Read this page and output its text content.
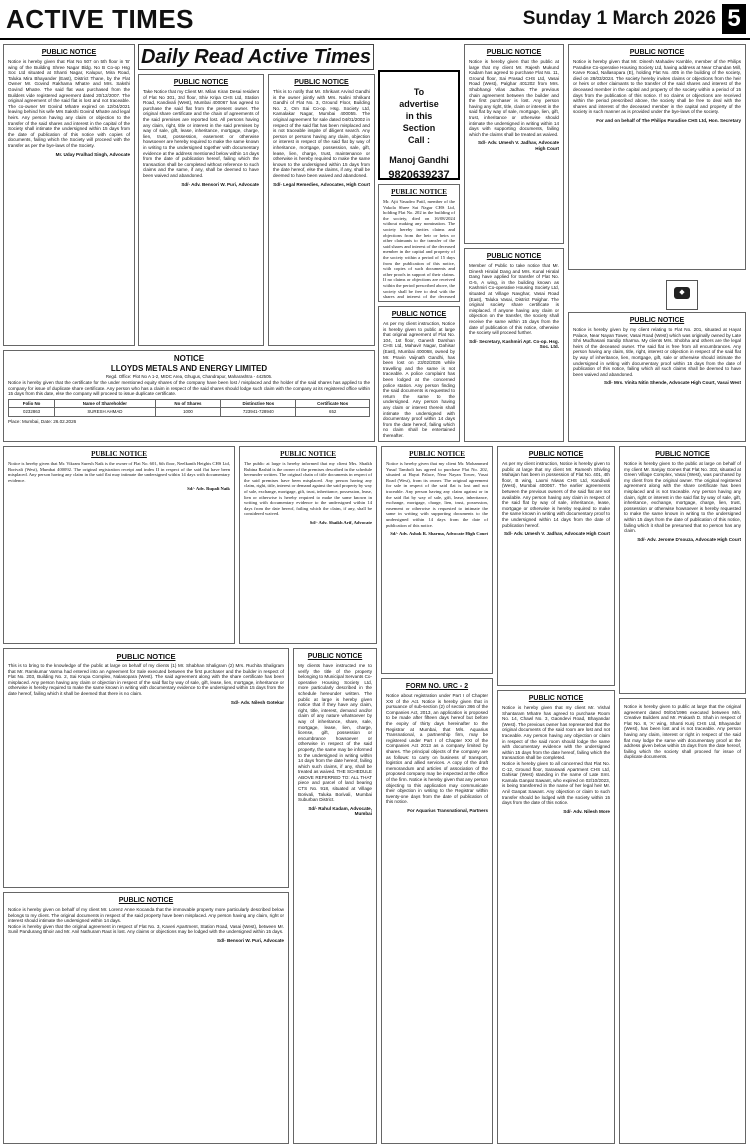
ACTIVE TIMES	Sunday 1 March 2026 5
Daily Read Active Times
PUBLIC NOTICE
Notice is hereby given that Flat No 507 on 5th floor in 'B' wing of the Building Shree Nagar Bldg. No B Co-op Hsg Soc Ltd situated at Shanti Nagar, Kalupur, Mira Road, Taluka Mira Bhayander (East), District Thane, by the Flat Owner Mr. Govind Rakhama Mhatre and Mrs. Sakshi Govind Mhatre. The said flat was purchased from the Builders vide registered agreement dated 20/12/2007. The original agreement of the said flat is lost and not traceable. The co-owner Mr Govind Mhatre expired on 12/04/2021 leaving behind his wife Mrs Sakshi Govind Mhatre and legal heirs. Any person having any claim or objection to the transfer of the said shares and interest in the capital of the Society shall intimate the undersigned within 15 days from the date of publication of this notice with copies of documents, failing which the Society will proceed with the transfer as per the bye-laws of the Society.
Mr. Uday Pralhad Singh, Advocate
NOTICE
LLOYDS METALS AND ENERGY LIMITED
Regd. Office: Plot No A 1-2, MIDC Area, Ghugus, Chandrapur, Maharashtra - 442505.
Notice is hereby given that the certificate for the under mentioned equity shares of the company have been lost / misplaced and the holder of the said shares has applied to the company for issue of duplicate share certificate. Any person who has a claim in respect of the said shares should lodge such claim with the company at its registered office within 15 days from this date, else the company will proceed to issue duplicate certificate.
Folio No	Name of Shareholder	No of Shares	Distinctive Nos	Certificate Nos
0232863	SURESH AHMAD	1000	723941-728940	652
Place: Mumbai, Date: 26.02.2026
PUBLIC NOTICE
Notice is hereby given that Mr. Vikram Suresh Naik is the owner of Flat No. 601, 6th floor, Neelkanth Heights CHS Ltd, Borivali (West), Mumbai 400092. The original registration receipt and index II in respect of the said flat have been misplaced. Any person having any claim in the said flat may intimate the undersigned within 14 days with documentary evidence.
Sd/- Adv. Rupali Naik
PUBLIC NOTICE
This is to bring to the knowledge of the public at large on behalf of my clients (1) Mr. Shabhan Shaligram (2) Mrs. Ruchita Shaligram that Mr. Ramkumar Varma had entered into an Agreement for Sale executed between the first purchaser and the builder in respect of Flat No. 203, Building No. 2, Sai Krupa Complex, Nalasopara (West). The said agreement along with the share certificate has been misplaced. Any person having any claim or objection in respect of the said flat by way of sale, gift, lease, lien, mortgage, inheritance or otherwise is hereby required to make the same known in writing with documentary evidence to the undersigned within 15 days from the date hereof, failing which it shall be deemed that there is no claim.
Sd/- Adv. Nilesh Gotekar
PUBLIC NOTICE
Notice is hereby given on behalf of my client Mr. Lorenz Anne Kocanda that the immovable property more particularly described below belongs to my client. The original documents in respect of the said property have been misplaced. Any person having any claim, right or interest should intimate the undersigned within 14 days.
Notice is hereby given that the original agreement in respect of Flat No. 3, Kaveri Apartment, Station Road, Vasai (West), between Mr. Sunil Pandurang Bhoir and Mr. Anil Nathuram Raut is lost. Any claims or objections may be lodged with the undersigned within 15 days.
Sd/- Bensori W. Puri, Advocate
PUBLIC NOTICE
Take Notice that my Client Mr. Milan Kiran Desai resident of Flat No 301, 3rd floor, Shiv Kripa CHS Ltd, Station Road, Kandivali (West), Mumbai 400067 has agreed to purchase the said flat from the present owner. The original share certificate and the chain of agreements of the said premises are reported lost. All persons having any claim, right, title or interest in the said premises by way of sale, gift, lease, inheritance, mortgage, charge, lien, trust, possession, easement or otherwise howsoever are hereby required to make the same known in writing to the undersigned together with documentary evidence at the address mentioned below within 14 days from the date of publication hereof, failing which the transaction shall be completed without reference to such claims and the same, if any, shall be deemed to have been waived and abandoned.
Sd/- Adv. Bensori W. Puri, Advocate
PUBLIC NOTICE
The public at large is hereby informed that my client Mrs. Shaikh Rubina Rashid is the owner of the premises described in the schedule hereunder written. The original chain of title documents in respect of the said premises have been misplaced. Any person having any claim, right, title, interest or demand against the said property by way of sale, exchange, mortgage, gift, trust, inheritance, possession, lease, lien or otherwise is hereby required to make the same known in writing with documentary evidence to the undersigned within 14 days from the date hereof, failing which the claim, if any, shall be considered waived.
Sd/- Adv. Shaikh Arif, Advocate
PUBLIC NOTICE
This is to notify that Mr. Shrikant Arvind Gandhi is the owner jointly with Mrs. Nalini Shrikant Gandhi of Flat No. 3, Ground Floor, Building No. 2, Om Sai Co-op. Hsg. Society Ltd, Kamalakar Nagar, Mumbai 400055. The original agreement for sale dated 04/01/2002 in respect of the said flat has been misplaced and is not traceable inspite of diligent search. Any person or persons having any claim, objection or interest in respect of the said flat by way of inheritance, mortgage, possession, sale, gift, lease, lien, charge, trust, maintenance or otherwise is hereby required to make the same known to the undersigned within 15 days from the date hereof, else the claims, if any, shall be deemed to have been waived and abandoned.
Sd/- Legal Remedies, Advocates, High Court
PUBLIC NOTICE
My clients have instructed me to verify the title of the property belonging to Municipal Servants Co-operative Housing Society Ltd, more particularly described in the schedule hereunder written. The public at large is hereby given notice that if they have any claim, right, title, interest, demand and/or claim of any nature whatsoever by way of inheritance, share, sale, mortgage, lease, lien, charge, license, gift, possession or encumbrance howsoever or otherwise in respect of the said property, the same may be informed to the undersigned in writing within 14 days from the date hereof, failing which such claims, if any, shall be treated as waived. THE SCHEDULE ABOVE REFERRED TO: ALL THAT piece and parcel of land bearing CTS No. 918, situated at Village Borivali, Taluka Borivali, Mumbai Suburban District.
Sd/- Rahul Kadam, Advocate, Mumbai
To
advertise
in this
Section
Call :
Manoj Gandhi
9820639237
PUBLIC NOTICE
Mr. Ajit Vasudeo Patil, member of the Vakola Shree Sai Nagar CHS Ltd, holding Flat No. 202 in the building of the society, died on 16/08/2024 without making any nomination. The society hereby invites claims and objections from the heir or heirs or other claimants to the transfer of the said shares and interest of the deceased member in the capital and property of the society within a period of 15 days from the publication of this notice, with copies of such documents and other proofs in support of their claims. If no claims or objections are received within the period prescribed above, the society shall be free to deal with the shares and interest of the deceased
PUBLIC NOTICE
As per my client instruction, Notice is hereby given to public at large that original agreement of Flat No. 104, 1st floor, Ganesh Darshan CHS Ltd, Mahavir Nagar, Dahisar (East), Mumbai 400068, owned by Mr. Pravin Vaijnath Gandhi, has been lost on 23/02/2026 while travelling and the same is not traceable. A police complaint has been lodged at the concerned police station. Any person finding the said documents is requested to return the same to the undersigned. Any person having any claim or interest therein shall intimate the undersigned with documentary proof within 14 days from the date hereof, failing which no claim shall be entertained thereafter.
PUBLIC NOTICE
Notice is hereby given that my client Mr. Mohammed Yusuf Tamboli has agreed to purchase Flat No. 202, situated at Hayat Palace, Near Nayan Tower, Vasai Road (West), from its owner. The original agreement for sale in respect of the said flat is lost and not traceable. Any person having any claim against or in the said flat by way of sale, gift, lease, inheritance, exchange, mortgage, charge, lien, trust, possession, easement or otherwise is requested to intimate the same in writing with supporting documents to the undersigned within 14 days from the date of publication of this notice.
Sd/- Adv. Ashok R. Sharma, Advocate High Court
FORM NO. URC - 2
Notice about registration under Part I of Chapter XXI of the Act. Notice is hereby given that in pursuance of sub-section (2) of section 366 of the Companies Act, 2013, an application is proposed to be made after fifteen days hereof but before the expiry of thirty days hereinafter to the Registrar at Mumbai, that M/s. Aquarius Transnational, a partnership firm, may be registered under Part I of Chapter XXI of the Companies Act 2013 as a company limited by shares. The principal objects of the company are as follows: to carry on business of transport, logistics and allied services. A copy of the draft memorandum and articles of association of the proposed company may be inspected at the office of the firm. Notice is hereby given that any person objecting to this application may communicate their objection in writing to the Registrar within twenty-one days from the date of publication of this notice.
For Aquarius Transnational, Partners
PUBLIC NOTICE
Notice is hereby given that the public at large that my client Mr. Rajesh Mukund Kadam has agreed to purchase Flat No. 11, Ground floor, Sai Prasad CHS Ltd, Vasai Road (West), Palghar 401202 from Mrs. Shubhangi Vilas Jadhav. The previous chain agreement between the builder and the first purchaser is lost. Any person having any right, title, claim or interest in the said flat by way of sale, mortgage, lien, gift, trust, inheritance or otherwise should intimate the undersigned in writing within 14 days with supporting documents, failing which the claims shall be treated as waived.
Sd/- Adv. Umesh V. Jadhav, Advocate High Court
PUBLIC NOTICE
Member of Public to take notice that Mr. Dinesh Hiralal Dang and Mrs. Kunal Hiralal Dang have applied for transfer of Flat No. G-5, A wing, in the building known as Kashmiri Co-operative Housing Society Ltd, situated at Village Navghar, Vasai Road (East), Taluka Vasai, District Palghar. The original society share certificate is misplaced. If anyone having any claim or objection on the transfer, the society shall receive the same within 15 days from the date of publication of this notice, otherwise the society will proceed further.
Sd/- Secretary, Kashmiri Apt. Co-op. Hsg. Soc. Ltd.
PUBLIC NOTICE
As per my client instruction, Notice is hereby given to public at large that my client Mr. Ramesh Shivling Mahajan has been in possession of Flat No. 401, 4th floor, B wing, Laxmi Niwas CHS Ltd, Kandivali (West), Mumbai 400067. The earlier agreements between the previous owners of the said flat are not available. Any person having any claim in respect of the said flat by way of sale, inheritance, lease, mortgage or otherwise is hereby required to make the same known in writing with documentary proof to the undersigned within 14 days from the date of publication hereof.
Sd/- Adv. Umesh V. Jadhav, Advocate High Court
PUBLIC NOTICE
Notice is hereby given that my client Mr. Vishal Shantaram Mhatre has agreed to purchase Room No. 14, Chawl No. 3, Gaondevi Road, Bhayandar (West). The previous owner has represented that the original documents of the said room are lost and not traceable. Any person having any objection or claim in respect of the said room should lodge the same with documentary evidence with the undersigned within 15 days from the date hereof, failing which the transaction shall be completed.
Notice is hereby given to all concerned that Flat No. C-12, Ground floor, Saraswati Apartment CHS Ltd, Dahisar (West) standing in the name of Late Smt. Kamala Ganpat Sawant, who expired on 02/10/2023, is being transferred in the name of her legal heir Mr. Anil Ganpat Sawant. Any objection or claim to such transfer should be lodged with the society within 15 days from the date of this notice.
Sd/- Adv. Nilesh More
PUBLIC NOTICE
Notice is hereby given that Mr. Dinesh Mahadev Kamble, member of the Philips Paradise Co-operative Housing Society Ltd, having address at Near Chandan Mill, Karve Road, Nallasopara (E), holding Flat No. 405 in the building of the society, died on 28/03/2024. The society hereby invites claims or objections from the heir or heirs or other claimants to the transfer of the said shares and interest of the deceased member in the capital and property of the society within a period of 15 days from the publication of this notice. If no claims or objections are received within the period prescribed above, the society shall be free to deal with the shares and interest of the deceased member in the capital and property of the society in such manner as is provided under the bye-laws of the society.
For and on behalf of The Philips Paradise CHS Ltd, Hon. Secretary
◆
PUBLIC NOTICE
Notice is hereby given by my client relating to Flat No. 201, situated at Hayat Palace, Near Nayan Tower, Vasai Road (West) which was originally owned by Late Shri Mudhasani Sandip Sharma. My clients Mrs. Shobha and others are the legal heirs of the deceased owner. The said flat is free from all encumbrances. Any person having any claim, title, right, interest or objection in respect of the said flat by way of inheritance, lien, mortgage, gift, sale or otherwise should intimate the undersigned in writing with documentary proof within 15 days from the date of publication of this notice, failing which all such claims shall be deemed to have been waived and abandoned.
Sd/- Mrs. Vinita Nitin Shende, Advocate High Court, Vasai West
PUBLIC NOTICE
Notice is hereby given to the public at large on behalf of my client Mr. Sanjay Gomes that Flat No. 302, situated at Green Village Complex, Vasai (West), was purchased by my client from the original owner. The original registered agreement along with the share certificate has been misplaced and is not traceable. Any person having any claim, right or interest in the said flat by way of sale, gift, inheritance, exchange, mortgage, charge, lien, trust, possession or otherwise howsoever is hereby requested to make the same known in writing to the undersigned within 15 days from the date of publication of this notice, failing which it shall be presumed that no person has any claim.
Sd/- Adv. Jerome D'souza, Advocate High Court
Notice is hereby given to public at large that the original agreement dated 06/04/1996 executed between M/s. Creative Builders and Mr. Prakash D. Shah in respect of Flat No. 8, 'A' wing, Shanti Kunj CHS Ltd, Bhayandar (West), has been lost and is not traceable. Any person having any claim, interest or right in respect of the said flat may lodge the same with documentary proof at the address given below within 15 days from the date hereof, failing which the society shall proceed for issue of duplicate documents.
